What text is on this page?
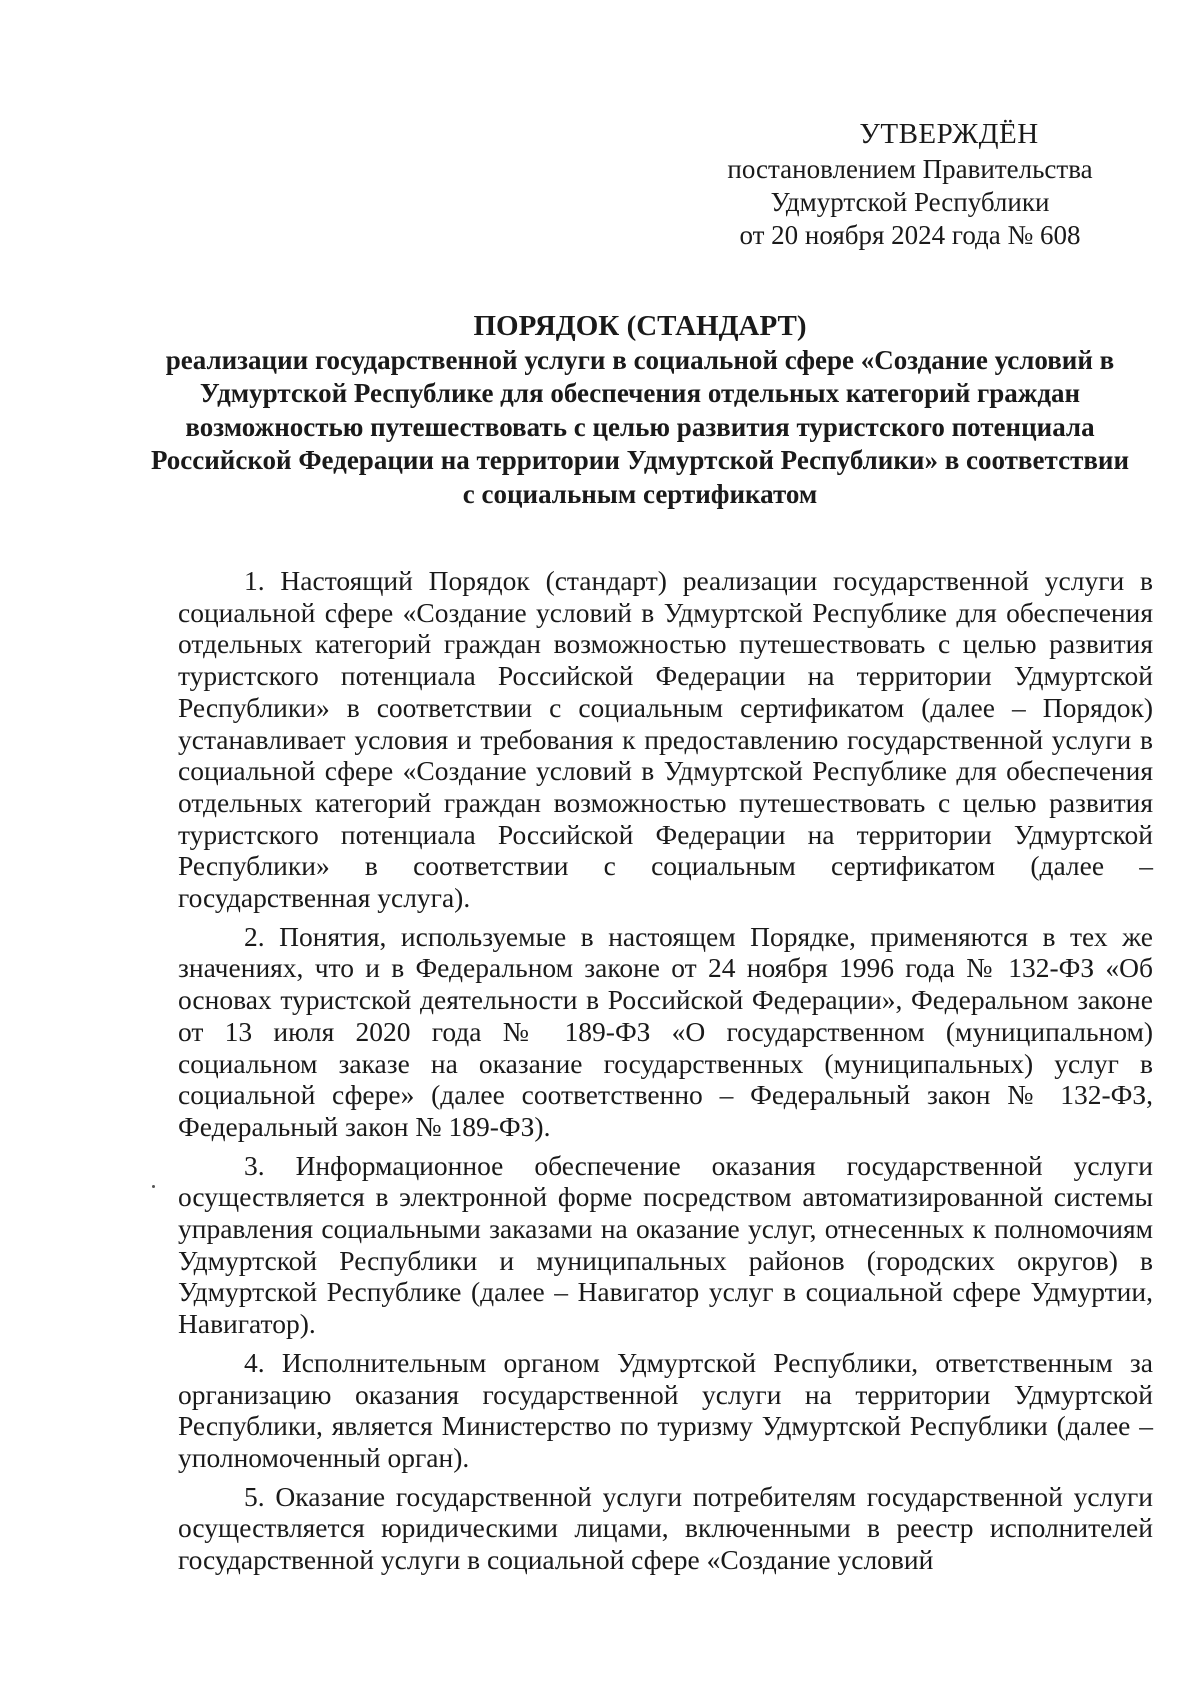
УТВЕРЖДЁН
постановлением Правительства
Удмуртской Республики
от 20 ноября 2024 года № 608
ПОРЯДОК (СТАНДАРТ)
реализации государственной услуги в социальной сфере «Создание условий в Удмуртской Республике для обеспечения отдельных категорий граждан возможностью путешествовать с целью развития туристского потенциала Российской Федерации на территории Удмуртской Республики» в соответствии с социальным сертификатом

1. Настоящий Порядок (стандарт) реализации государственной услуги в социальной сфере «Создание условий в Удмуртской Республике для обеспечения отдельных категорий граждан возможностью путешествовать с целью развития туристского потенциала Российской Федерации на территории Удмуртской Республики» в соответствии с социальным сертификатом (далее – Порядок) устанавливает условия и требования к предоставлению государственной услуги в социальной сфере «Создание условий в Удмуртской Республике для обеспечения отдельных категорий граждан возможностью путешествовать с целью развития туристского потенциала Российской Федерации на территории Удмуртской Республики» в соответствии с социальным сертификатом (далее – государственная услуга).

2. Понятия, используемые в настоящем Порядке, применяются в тех же значениях, что и в Федеральном законе от 24 ноября 1996 года № 132-ФЗ «Об основах туристской деятельности в Российской Федерации», Федеральном законе от 13 июля 2020 года № 189-ФЗ «О государственном (муниципальном) социальном заказе на оказание государственных (муниципальных) услуг в социальной сфере» (далее соответственно – Федеральный закон № 132-ФЗ, Федеральный закон № 189-ФЗ).

3. Информационное обеспечение оказания государственной услуги осуществляется в электронной форме посредством автоматизированной системы управления социальными заказами на оказание услуг, отнесенных к полномочиям Удмуртской Республики и муниципальных районов (городских округов) в Удмуртской Республике (далее – Навигатор услуг в социальной сфере Удмуртии, Навигатор).

4. Исполнительным органом Удмуртской Республики, ответственным за организацию оказания государственной услуги на территории Удмуртской Республики, является Министерство по туризму Удмуртской Республики (далее – уполномоченный орган).

5. Оказание государственной услуги потребителям государственной услуги осуществляется юридическими лицами, включенными в реестр исполнителей государственной услуги в социальной сфере «Создание условий
